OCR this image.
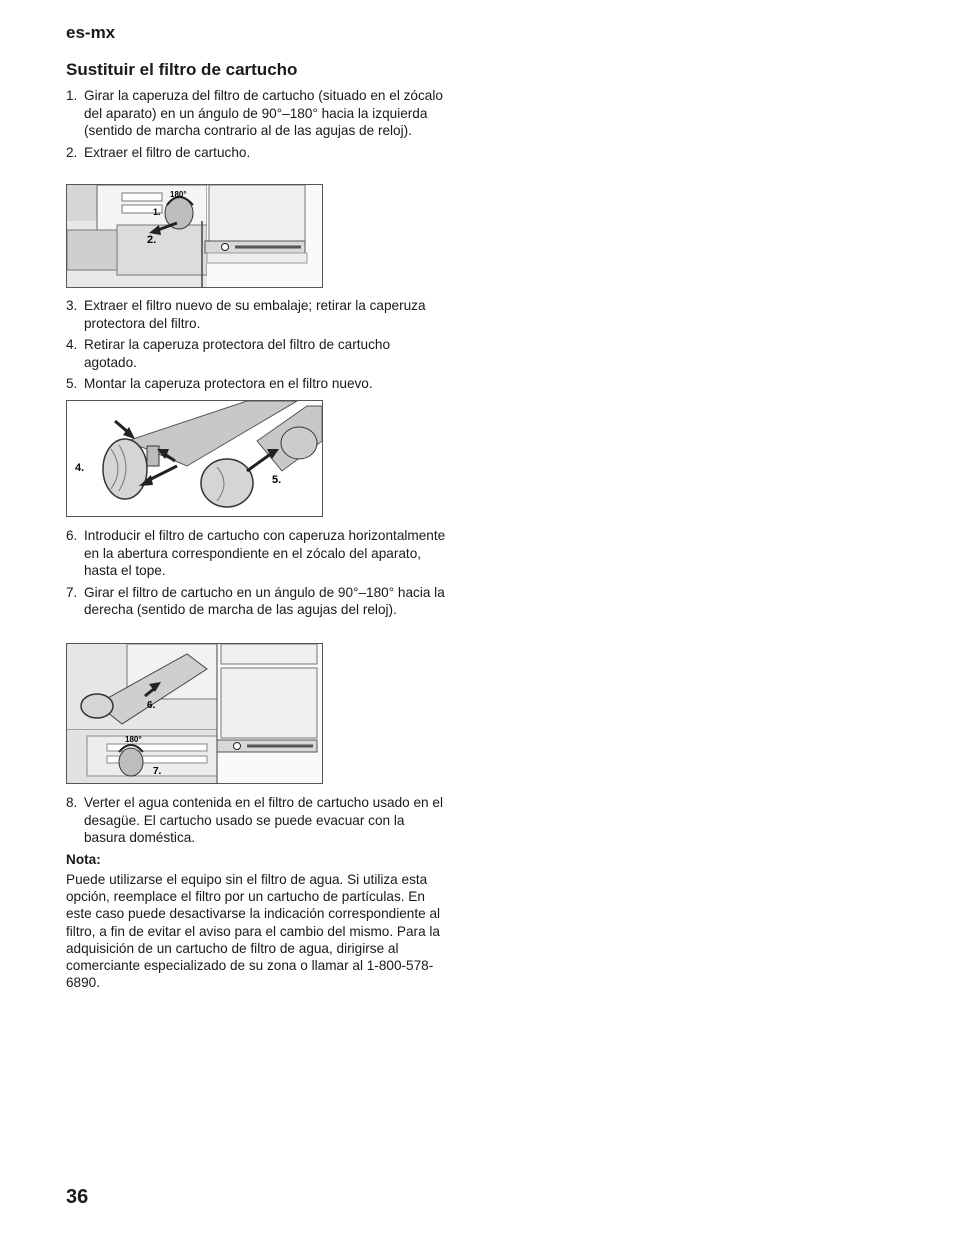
es-mx
Sustituir el filtro de cartucho

1. Girar la caperuza del filtro de cartucho (situado en el zócalo del aparato) en un ángulo de 90°–180° hacia la izquierda (sentido de marcha contrario al de las agujas de reloj).

2. Extraer el filtro de cartucho.

180°
1.
2.

3. Extraer el filtro nuevo de su embalaje; retirar la caperuza protectora del filtro.

4. Retirar la caperuza protectora del filtro de cartucho agotado.

5. Montar la caperuza protectora en el filtro nuevo.

4.
5.

6. Introducir el filtro de cartucho con caperuza horizontalmente en la abertura correspondiente en el zócalo del aparato, hasta el tope.

7. Girar el filtro de cartucho en un ángulo de 90°–180° hacia la derecha (sentido de marcha de las agujas del reloj).

6.
180°
7.

8. Verter el agua contenida en el filtro de cartucho usado en el desagüe. El cartucho usado se puede evacuar con la basura doméstica.

Nota:
Puede utilizarse el equipo sin el filtro de agua. Si utiliza esta opción, reemplace el filtro por un cartucho de partículas. En este caso puede desactivarse la indicación correspondiente al filtro, a fin de evitar el aviso para el cambio del mismo. Para la adquisición de un cartucho de filtro de agua, dirigirse al comerciante especializado de su zona o llamar al 1-800-578-6890.
36
